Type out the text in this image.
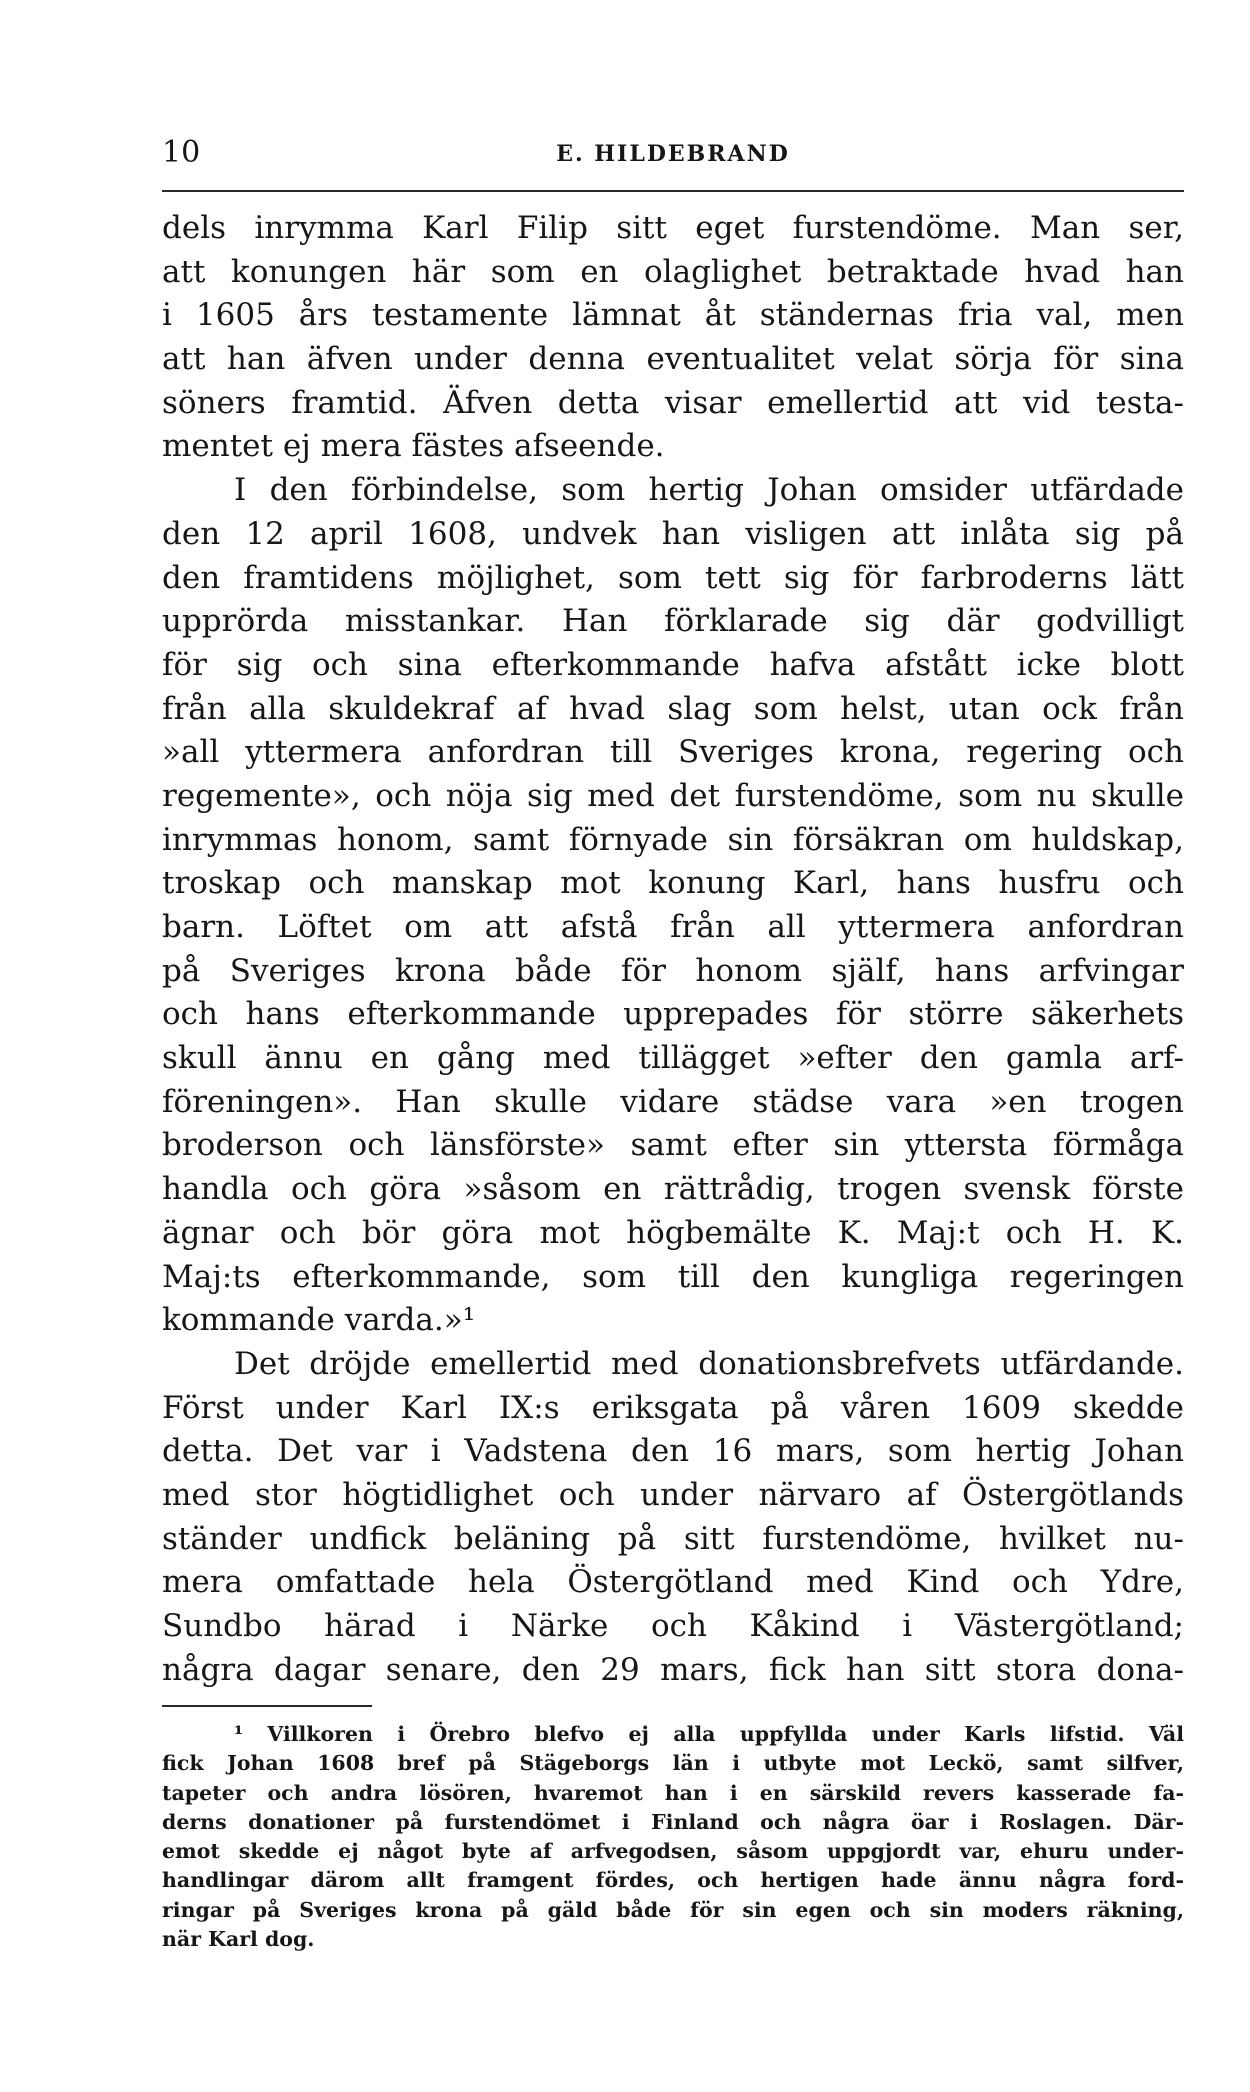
10	E. HILDEBRAND
dels inrymma Karl Filip sitt eget furstendöme. Man ser,
att konungen här som en olaglighet betraktade hvad han
i 1605 års testamente lämnat åt ständernas fria val, men
att han äfven under denna eventualitet velat sörja för sina
söners framtid. Äfven detta visar emellertid att vid testa-
mentet ej mera fästes afseende.
I den förbindelse, som hertig Johan omsider utfärdade
den 12 april 1608, undvek han visligen att inlåta sig på
den framtidens möjlighet, som tett sig för farbroderns lätt
upprörda misstankar. Han förklarade sig där godvilligt
för sig och sina efterkommande hafva afstått icke blott
från alla skuldekraf af hvad slag som helst, utan ock från
»all yttermera anfordran till Sveriges krona, regering och
regemente», och nöja sig med det furstendöme, som nu skulle
inrymmas honom, samt förnyade sin försäkran om huldskap,
troskap och manskap mot konung Karl, hans husfru och
barn. Löftet om att afstå från all yttermera anfordran
på Sveriges krona både för honom själf, hans arfvingar
och hans efterkommande upprepades för större säkerhets
skull ännu en gång med tillägget »efter den gamla arf-
föreningen». Han skulle vidare städse vara »en trogen
broderson och länsförste» samt efter sin yttersta förmåga
handla och göra »såsom en rättrådig, trogen svensk förste
ägnar och bör göra mot högbemälte K. Maj:t och H. K.
Maj:ts efterkommande, som till den kungliga regeringen
kommande varda.»¹
Det dröjde emellertid med donationsbrefvets utfärdande.
Först under Karl IX:s eriksgata på våren 1609 skedde
detta. Det var i Vadstena den 16 mars, som hertig Johan
med stor högtidlighet och under närvaro af Östergötlands
ständer undfick beläning på sitt furstendöme, hvilket nu-
mera omfattade hela Östergötland med Kind och Ydre,
Sundbo härad i Närke och Kåkind i Västergötland;
några dagar senare, den 29 mars, fick han sitt stora dona-
¹ Villkoren i Örebro blefvo ej alla uppfyllda under Karls lifstid. Väl
fick Johan 1608 bref på Stägeborgs län i utbyte mot Leckö, samt silfver,
tapeter och andra lösören, hvaremot han i en särskild revers kasserade fa-
derns donationer på furstendömet i Finland och några öar i Roslagen. Där-
emot skedde ej något byte af arfvegodsen, såsom uppgjordt var, ehuru under-
handlingar därom allt framgent fördes, och hertigen hade ännu några ford-
ringar på Sveriges krona på gäld både för sin egen och sin moders räkning,
när Karl dog.
